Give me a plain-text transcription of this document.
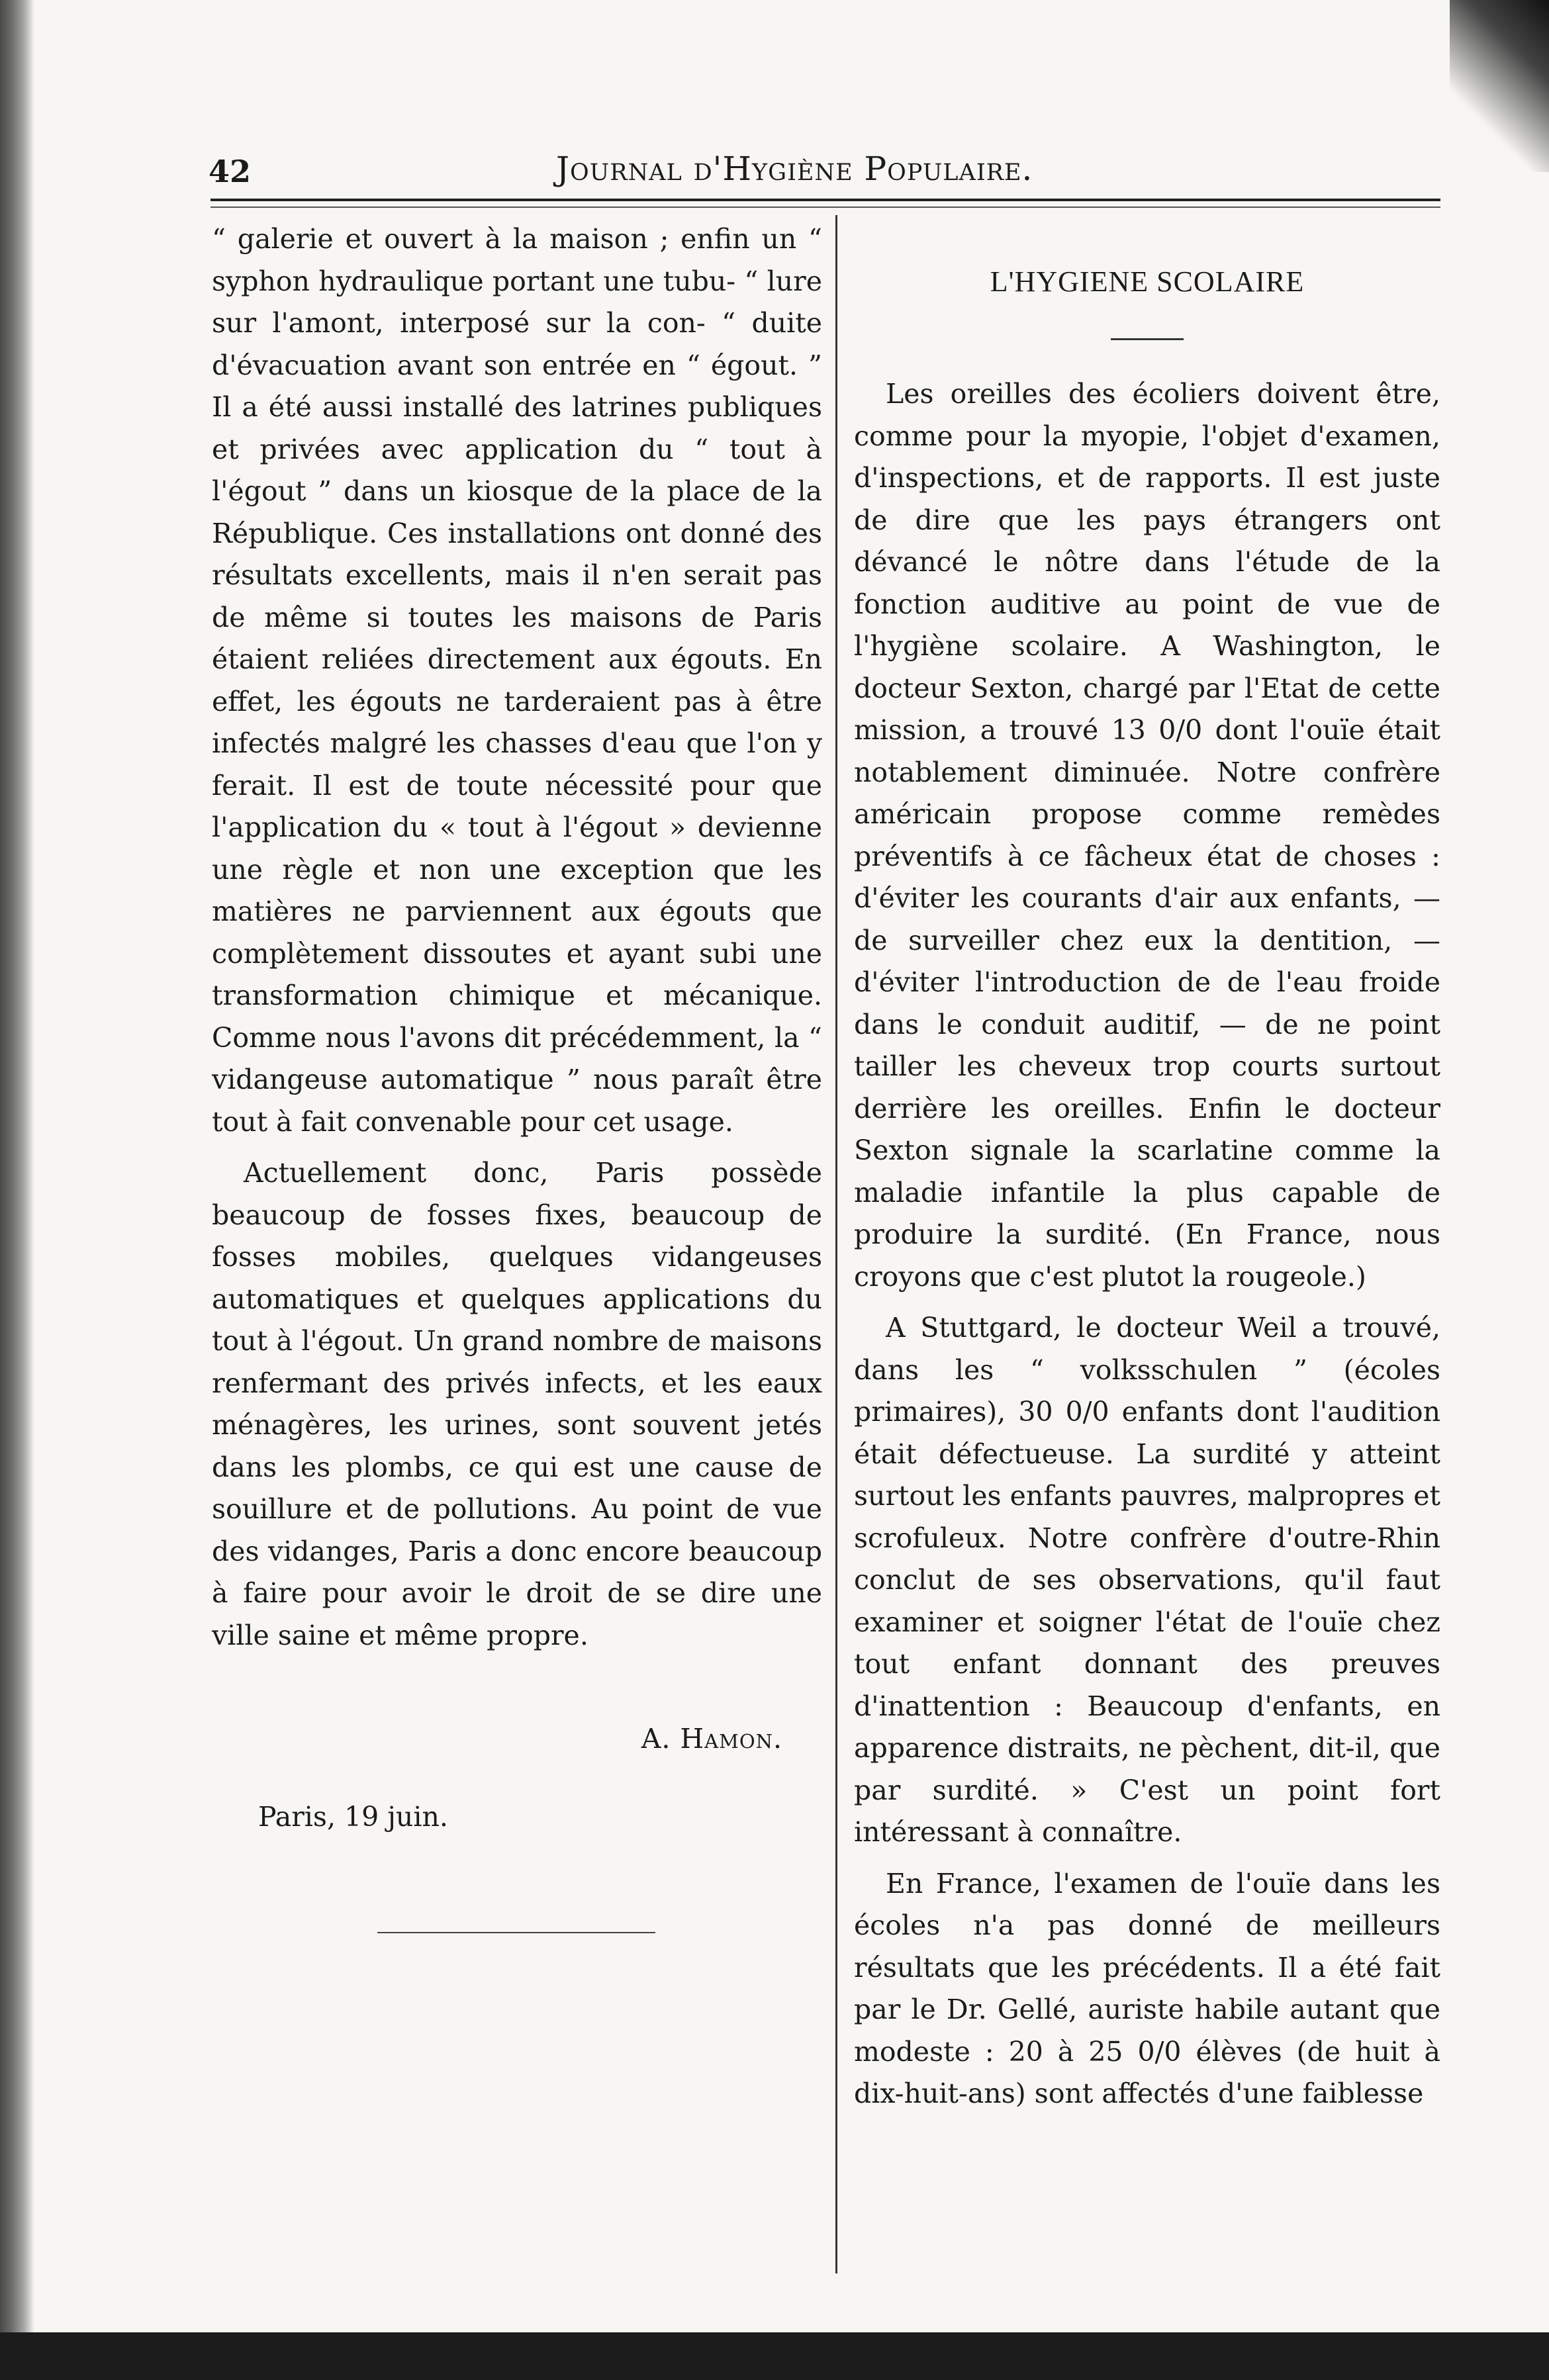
42	Journal d'Hygiène Populaire.

“ galerie et ouvert à la maison ; enfin un “ syphon hydraulique portant une tubu- “ lure sur l'amont, interposé sur la con- “ duite d'évacuation avant son entrée en “ égout. ” Il a été aussi installé des latrines publiques et privées avec application du “ tout à l'égout ” dans un kiosque de la place de la République. Ces installations ont donné des résultats excellents, mais il n'en serait pas de même si toutes les maisons de Paris étaient reliées directement aux égouts. En effet, les égouts ne tarderaient pas à être infectés malgré les chasses d'eau que l'on y ferait. Il est de toute nécessité pour que l'application du « tout à l'égout » devienne une règle et non une exception que les matières ne parviennent aux égouts que complètement dissoutes et ayant subi une transformation chimique et mécanique. Comme nous l'avons dit précédemment, la “ vidangeuse automatique ” nous paraît être tout à fait convenable pour cet usage.

Actuellement donc, Paris possède beaucoup de fosses fixes, beaucoup de fosses mobiles, quelques vidangeuses automatiques et quelques applications du tout à l'égout. Un grand nombre de maisons renfermant des privés infects, et les eaux ménagères, les urines, sont souvent jetés dans les plombs, ce qui est une cause de souillure et de pollutions. Au point de vue des vidanges, Paris a donc encore beaucoup à faire pour avoir le droit de se dire une ville saine et même propre.

A. Hamon.
Paris, 19 juin.
L'HYGIENE SCOLAIRE

Les oreilles des écoliers doivent être, comme pour la myopie, l'objet d'examen, d'inspections, et de rapports. Il est juste de dire que les pays étrangers ont dévancé le nôtre dans l'étude de la fonction auditive au point de vue de l'hygiène scolaire. A Washington, le docteur Sexton, chargé par l'Etat de cette mission, a trouvé 13 0/0 dont l'ouïe était notablement diminuée. Notre confrère américain propose comme remèdes préventifs à ce fâcheux état de choses : d'éviter les courants d'air aux enfants, — de surveiller chez eux la dentition, — d'éviter l'introduction de de l'eau froide dans le conduit auditif, — de ne point tailler les cheveux trop courts surtout derrière les oreilles. Enfin le docteur Sexton signale la scarlatine comme la maladie infantile la plus capable de produire la surdité. (En France, nous croyons que c'est plutot la rougeole.)

A Stuttgard, le docteur Weil a trouvé, dans les “ volksschulen ” (écoles primaires), 30 0/0 enfants dont l'audition était défectueuse. La surdité y atteint surtout les enfants pauvres, malpropres et scrofuleux. Notre confrère d'outre-Rhin conclut de ses observations, qu'il faut examiner et soigner l'état de l'ouïe chez tout enfant donnant des preuves d'inattention : Beaucoup d'enfants, en apparence distraits, ne pèchent, dit-il, que par surdité. » C'est un point fort intéressant à connaître.

En France, l'examen de l'ouïe dans les écoles n'a pas donné de meilleurs résultats que les précédents. Il a été fait par le Dr. Gellé, auriste habile autant que modeste : 20 à 25 0/0 élèves (de huit à dix-huit-ans) sont affectés d'une faiblesse
